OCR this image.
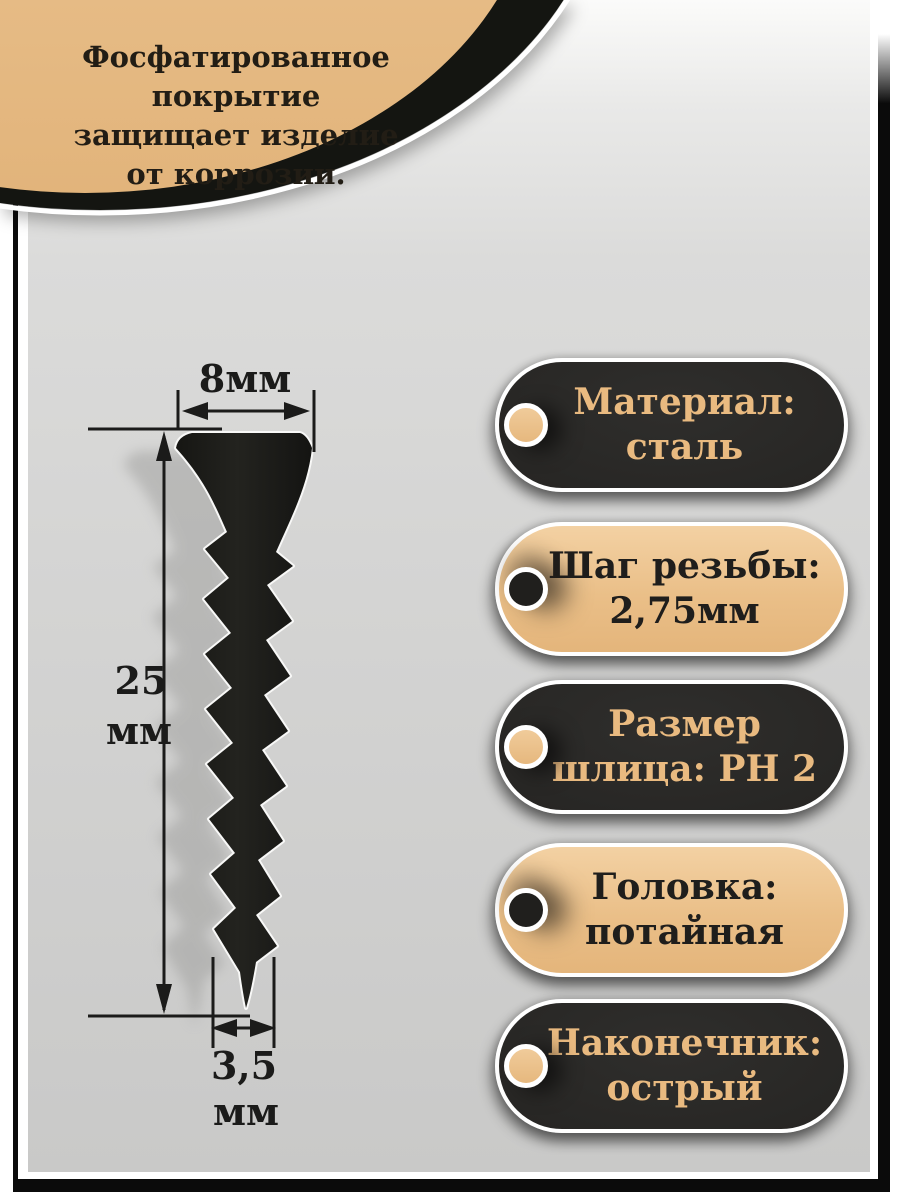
8мм
25
мм
3,5
мм
Фосфатированное покрытие
защищает изделие
от коррозии.
Материал:
сталь
Шаг резьбы:
2,75мм
Размер
шлица: PH 2
Головка:
потайная
Наконечник:
острый
